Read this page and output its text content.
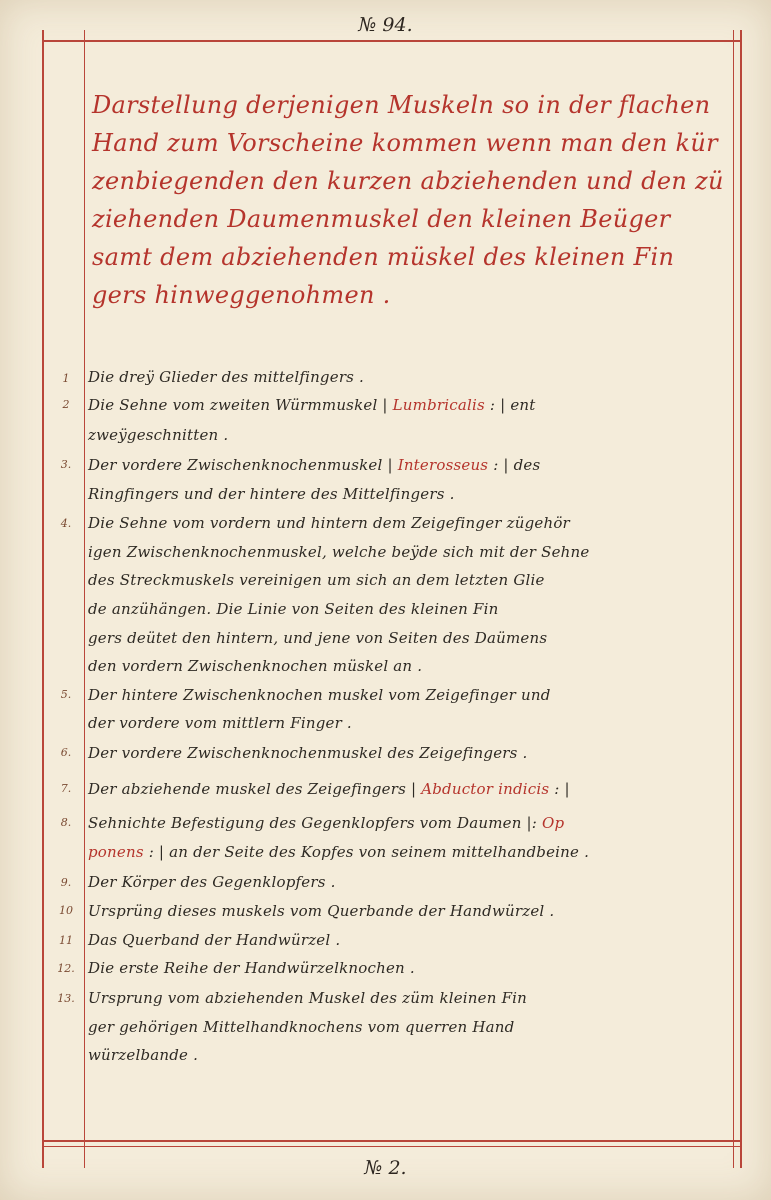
№ 94.
№ 2.
Darstellung derjenigen Muskeln so in der flachen
Hand zum Vorscheine kommen wenn man den kür
zenbiegenden den kurzen abziehenden und den zü
ziehenden Daumenmuskel den kleinen Beüger
samt dem abziehenden müskel des kleinen Fin
gers hinweggenohmen .
1
2
3.
4.
5.
6.
7.
8.
9.
10
11
12.
13.
Die dreÿ Glieder des mittelfingers .
Die Sehne vom zweiten Würmmuskel | Lumbricalis : | ent
zweÿgeschnitten .
Der vordere Zwischenknochenmuskel | Interosseus : | des
Ringfingers und der hintere des Mittelfingers .
Die Sehne vom vordern und hintern dem Zeigefinger zügehör
igen Zwischenknochenmuskel, welche beÿde sich mit der Sehne
des Streckmuskels vereinigen um sich an dem letzten Glie
de anzühängen. Die Linie von Seiten des kleinen Fin
gers deütet den hintern, und jene von Seiten des Daümens
den vordern Zwischenknochen müskel an .
Der hintere Zwischenknochen muskel vom Zeigefinger und
der vordere vom mittlern Finger .
Der vordere Zwischenknochenmuskel des Zeigefingers .
Der abziehende muskel des Zeigefingers | Abductor indicis : |
Sehnichte Befestigung des Gegenklopfers vom Daumen |: Op
ponens : | an der Seite des Kopfes von seinem mittelhandbeine .
Der Körper des Gegenklopfers .
Ursprüng dieses muskels vom Querbande der Handwürzel .
Das Querband der Handwürzel .
Die erste Reihe der Handwürzelknochen .
Ursprung vom abziehenden Muskel des züm kleinen Fin
ger gehörigen Mittelhandknochens vom querren Hand
würzelbande .
